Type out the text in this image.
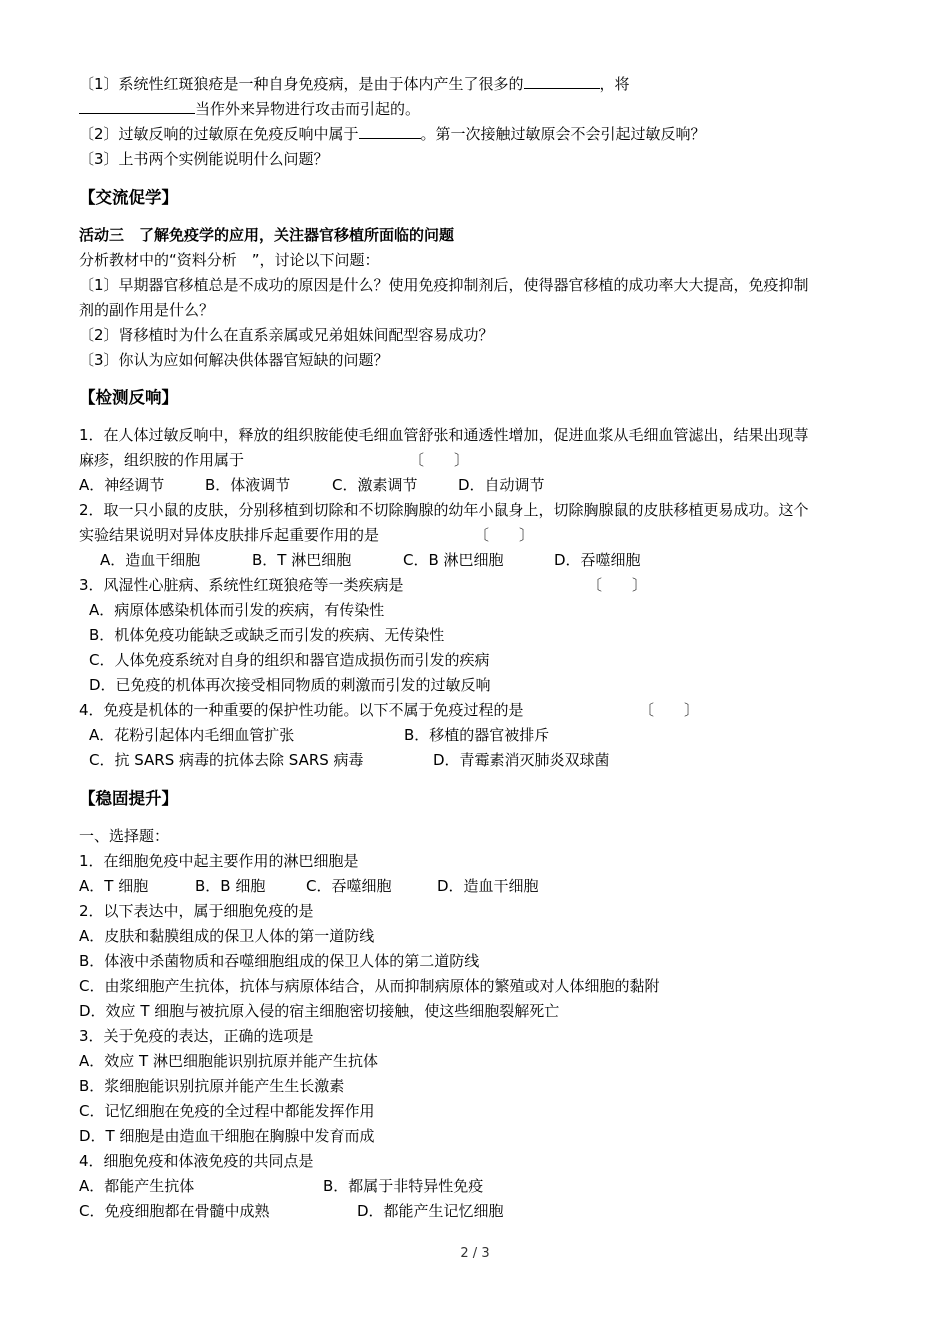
〔1〕系统性红斑狼疮是一种自身免疫病，是由于体内产生了很多的	，将
当作外来异物进行攻击而引起的。
〔2〕过敏反响的过敏原在免疫反响中属于	。第一次接触过敏原会不会引起过敏反响？
〔3〕上书两个实例能说明什么问题？
【交流促学】
活动三　了解免疫学的应用，关注器官移植所面临的问题
分析教材中的“资料分析　”，讨论以下问题：
〔1〕早期器官移植总是不成功的原因是什么？使用免疫抑制剂后，使得器官移植的成功率大大提高，免疫抑制
剂的副作用是什么？
〔2〕肾移植时为什么在直系亲属或兄弟姐妹间配型容易成功？
〔3〕你认为应如何解决供体器官短缺的问题？
【检测反响】
1．在人体过敏反响中，释放的组织胺能使毛细血管舒张和通透性增加，促进血浆从毛细血管滤出，结果出现荨
麻疹，组织胺的作用属于	〔　　〕
A．神经调节	B．体液调节	C．激素调节	D．自动调节
2．取一只小鼠的皮肤，分别移植到切除和不切除胸腺的幼年小鼠身上，切除胸腺鼠的皮肤移植更易成功。这个
实验结果说明对异体皮肤排斥起重要作用的是	〔　　〕
A．造血干细胞	B．T 淋巴细胞	C．B 淋巴细胞	D．吞噬细胞
3．风湿性心脏病、系统性红斑狼疮等一类疾病是	〔　　〕
A．病原体感染机体而引发的疾病，有传染性
B．机体免疫功能缺乏或缺乏而引发的疾病、无传染性
C．人体免疫系统对自身的组织和器官造成损伤而引发的疾病
D．已免疫的机体再次接受相同物质的刺激而引发的过敏反响
4．免疫是机体的一种重要的保护性功能。以下不属于免疫过程的是	〔　　〕
A．花粉引起体内毛细血管扩张	B．移植的器官被排斥
C．抗 SARS 病毒的抗体去除 SARS 病毒	D．青霉素消灭肺炎双球菌
【稳固提升】
一、选择题：
1．在细胞免疫中起主要作用的淋巴细胞是
A．T 细胞	B．B 细胞	C．吞噬细胞	D．造血干细胞
2．以下表达中，属于细胞免疫的是
A．皮肤和黏膜组成的保卫人体的第一道防线
B．体液中杀菌物质和吞噬细胞组成的保卫人体的第二道防线
C．由浆细胞产生抗体，抗体与病原体结合，从而抑制病原体的繁殖或对人体细胞的黏附
D．效应 T 细胞与被抗原入侵的宿主细胞密切接触，使这些细胞裂解死亡
3．关于免疫的表达，正确的选项是
A．效应 T 淋巴细胞能识别抗原并能产生抗体
B．浆细胞能识别抗原并能产生生长激素
C．记忆细胞在免疫的全过程中都能发挥作用
D．T 细胞是由造血干细胞在胸腺中发育而成
4．细胞免疫和体液免疫的共同点是
A．都能产生抗体	B．都属于非特异性免疫
C．免疫细胞都在骨髓中成熟	D．都能产生记忆细胞
2 / 3
